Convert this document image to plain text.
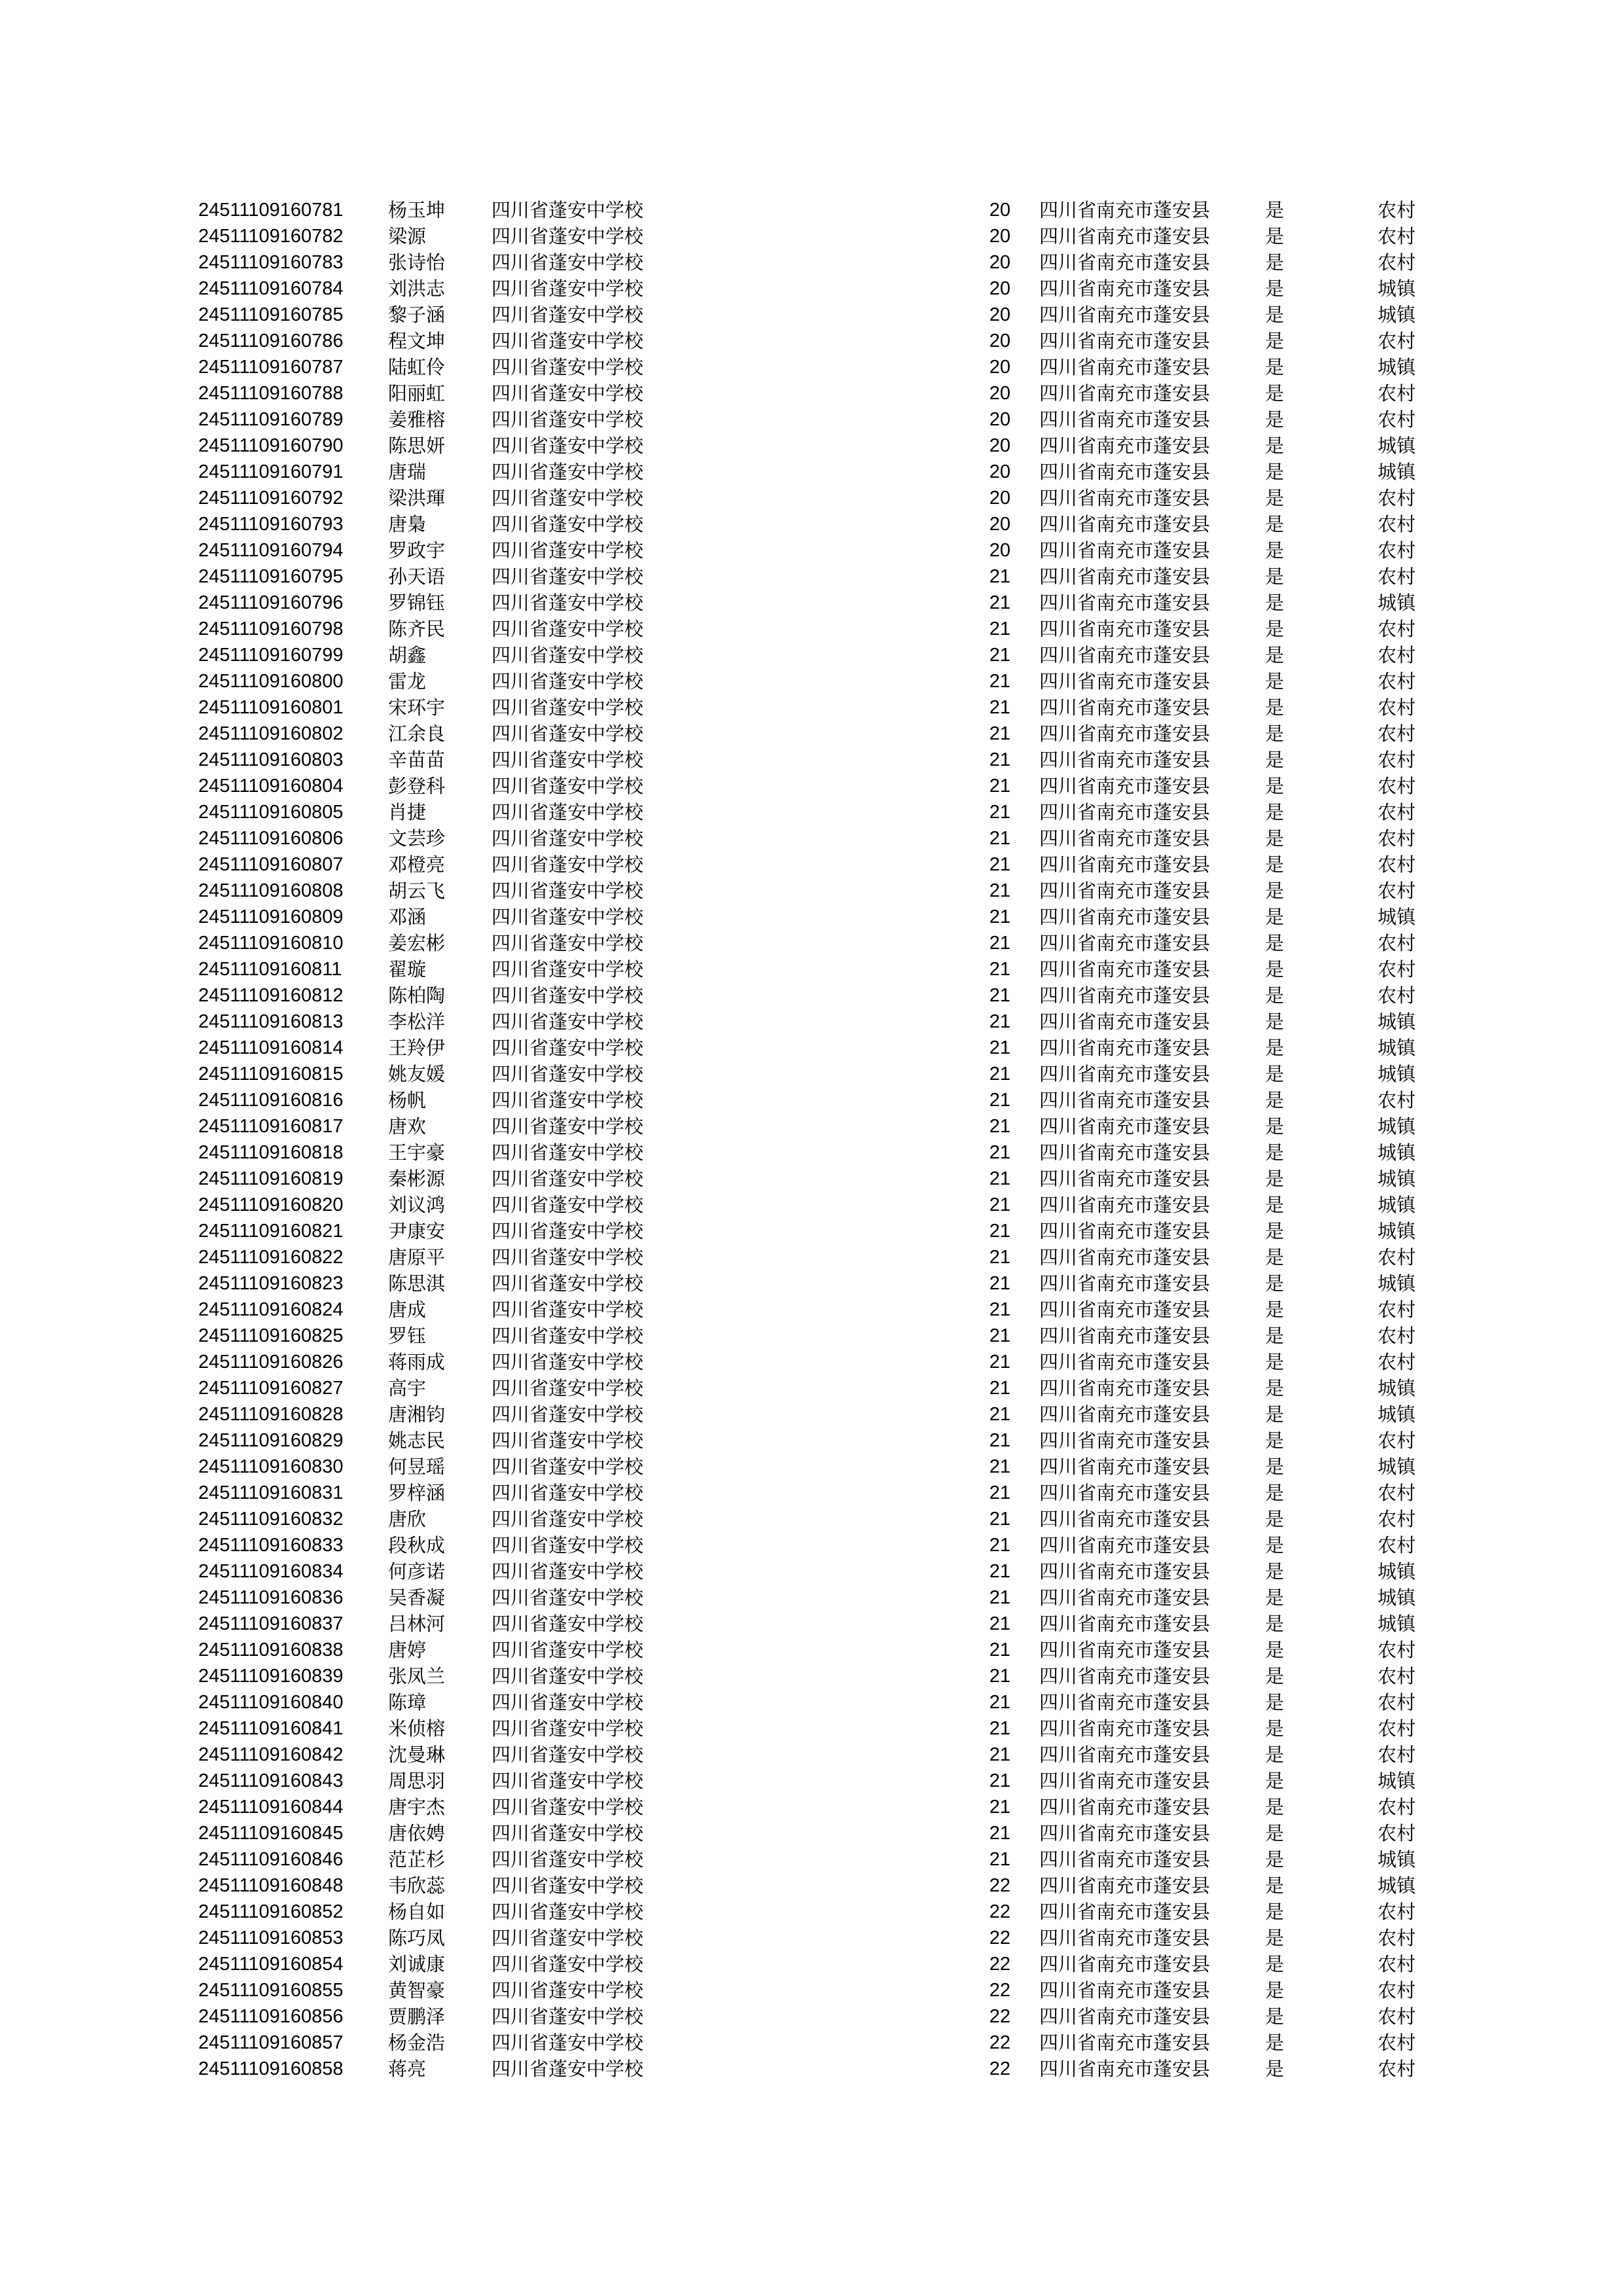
24511109160781	杨玉坤	四川省蓬安中学校	20	四川省南充市蓬安县	是	农村
24511109160782	梁源	四川省蓬安中学校	20	四川省南充市蓬安县	是	农村
24511109160783	张诗怡	四川省蓬安中学校	20	四川省南充市蓬安县	是	农村
24511109160784	刘洪志	四川省蓬安中学校	20	四川省南充市蓬安县	是	城镇
24511109160785	黎子涵	四川省蓬安中学校	20	四川省南充市蓬安县	是	城镇
24511109160786	程文坤	四川省蓬安中学校	20	四川省南充市蓬安县	是	农村
24511109160787	陆虹伶	四川省蓬安中学校	20	四川省南充市蓬安县	是	城镇
24511109160788	阳丽虹	四川省蓬安中学校	20	四川省南充市蓬安县	是	农村
24511109160789	姜雅榕	四川省蓬安中学校	20	四川省南充市蓬安县	是	农村
24511109160790	陈思妍	四川省蓬安中学校	20	四川省南充市蓬安县	是	城镇
24511109160791	唐瑞	四川省蓬安中学校	20	四川省南充市蓬安县	是	城镇
24511109160792	梁洪琿	四川省蓬安中学校	20	四川省南充市蓬安县	是	农村
24511109160793	唐梟	四川省蓬安中学校	20	四川省南充市蓬安县	是	农村
24511109160794	罗政宇	四川省蓬安中学校	20	四川省南充市蓬安县	是	农村
24511109160795	孙天语	四川省蓬安中学校	21	四川省南充市蓬安县	是	农村
24511109160796	罗锦钰	四川省蓬安中学校	21	四川省南充市蓬安县	是	城镇
24511109160798	陈齐民	四川省蓬安中学校	21	四川省南充市蓬安县	是	农村
24511109160799	胡鑫	四川省蓬安中学校	21	四川省南充市蓬安县	是	农村
24511109160800	雷龙	四川省蓬安中学校	21	四川省南充市蓬安县	是	农村
24511109160801	宋环宇	四川省蓬安中学校	21	四川省南充市蓬安县	是	农村
24511109160802	江余良	四川省蓬安中学校	21	四川省南充市蓬安县	是	农村
24511109160803	辛苗苗	四川省蓬安中学校	21	四川省南充市蓬安县	是	农村
24511109160804	彭登科	四川省蓬安中学校	21	四川省南充市蓬安县	是	农村
24511109160805	肖捷	四川省蓬安中学校	21	四川省南充市蓬安县	是	农村
24511109160806	文芸珍	四川省蓬安中学校	21	四川省南充市蓬安县	是	农村
24511109160807	邓橙亮	四川省蓬安中学校	21	四川省南充市蓬安县	是	农村
24511109160808	胡云飞	四川省蓬安中学校	21	四川省南充市蓬安县	是	农村
24511109160809	邓涵	四川省蓬安中学校	21	四川省南充市蓬安县	是	城镇
24511109160810	姜宏彬	四川省蓬安中学校	21	四川省南充市蓬安县	是	农村
24511109160811	翟璇	四川省蓬安中学校	21	四川省南充市蓬安县	是	农村
24511109160812	陈柏陶	四川省蓬安中学校	21	四川省南充市蓬安县	是	农村
24511109160813	李松洋	四川省蓬安中学校	21	四川省南充市蓬安县	是	城镇
24511109160814	王羚伊	四川省蓬安中学校	21	四川省南充市蓬安县	是	城镇
24511109160815	姚友媛	四川省蓬安中学校	21	四川省南充市蓬安县	是	城镇
24511109160816	杨帆	四川省蓬安中学校	21	四川省南充市蓬安县	是	农村
24511109160817	唐欢	四川省蓬安中学校	21	四川省南充市蓬安县	是	城镇
24511109160818	王宇豪	四川省蓬安中学校	21	四川省南充市蓬安县	是	城镇
24511109160819	秦彬源	四川省蓬安中学校	21	四川省南充市蓬安县	是	城镇
24511109160820	刘议鸿	四川省蓬安中学校	21	四川省南充市蓬安县	是	城镇
24511109160821	尹康安	四川省蓬安中学校	21	四川省南充市蓬安县	是	城镇
24511109160822	唐原平	四川省蓬安中学校	21	四川省南充市蓬安县	是	农村
24511109160823	陈思淇	四川省蓬安中学校	21	四川省南充市蓬安县	是	城镇
24511109160824	唐成	四川省蓬安中学校	21	四川省南充市蓬安县	是	农村
24511109160825	罗钰	四川省蓬安中学校	21	四川省南充市蓬安县	是	农村
24511109160826	蒋雨成	四川省蓬安中学校	21	四川省南充市蓬安县	是	农村
24511109160827	高宇	四川省蓬安中学校	21	四川省南充市蓬安县	是	城镇
24511109160828	唐湘钧	四川省蓬安中学校	21	四川省南充市蓬安县	是	城镇
24511109160829	姚志民	四川省蓬安中学校	21	四川省南充市蓬安县	是	农村
24511109160830	何昱瑶	四川省蓬安中学校	21	四川省南充市蓬安县	是	城镇
24511109160831	罗梓涵	四川省蓬安中学校	21	四川省南充市蓬安县	是	农村
24511109160832	唐欣	四川省蓬安中学校	21	四川省南充市蓬安县	是	农村
24511109160833	段秋成	四川省蓬安中学校	21	四川省南充市蓬安县	是	农村
24511109160834	何彦诺	四川省蓬安中学校	21	四川省南充市蓬安县	是	城镇
24511109160836	吴香凝	四川省蓬安中学校	21	四川省南充市蓬安县	是	城镇
24511109160837	吕林河	四川省蓬安中学校	21	四川省南充市蓬安县	是	城镇
24511109160838	唐婷	四川省蓬安中学校	21	四川省南充市蓬安县	是	农村
24511109160839	张凤兰	四川省蓬安中学校	21	四川省南充市蓬安县	是	农村
24511109160840	陈璋	四川省蓬安中学校	21	四川省南充市蓬安县	是	农村
24511109160841	米侦榕	四川省蓬安中学校	21	四川省南充市蓬安县	是	农村
24511109160842	沈曼琳	四川省蓬安中学校	21	四川省南充市蓬安县	是	农村
24511109160843	周思羽	四川省蓬安中学校	21	四川省南充市蓬安县	是	城镇
24511109160844	唐宇杰	四川省蓬安中学校	21	四川省南充市蓬安县	是	农村
24511109160845	唐依娉	四川省蓬安中学校	21	四川省南充市蓬安县	是	农村
24511109160846	范芷杉	四川省蓬安中学校	21	四川省南充市蓬安县	是	城镇
24511109160848	韦欣蕊	四川省蓬安中学校	22	四川省南充市蓬安县	是	城镇
24511109160852	杨自如	四川省蓬安中学校	22	四川省南充市蓬安县	是	农村
24511109160853	陈巧凤	四川省蓬安中学校	22	四川省南充市蓬安县	是	农村
24511109160854	刘诚康	四川省蓬安中学校	22	四川省南充市蓬安县	是	农村
24511109160855	黄智豪	四川省蓬安中学校	22	四川省南充市蓬安县	是	农村
24511109160856	贾鹏泽	四川省蓬安中学校	22	四川省南充市蓬安县	是	农村
24511109160857	杨金浩	四川省蓬安中学校	22	四川省南充市蓬安县	是	农村
24511109160858	蒋亮	四川省蓬安中学校	22	四川省南充市蓬安县	是	农村
